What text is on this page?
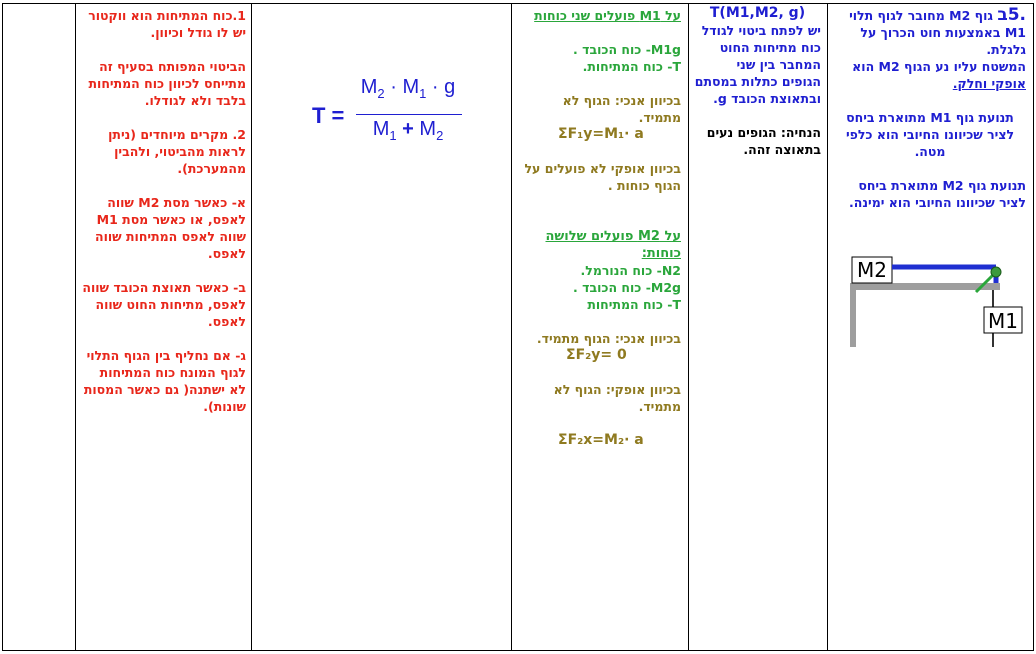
.5ב גוף M2 מחובר לגוף תלוי M1 באמצעות חוט הכרוך על גלגלת.

המשטח עליו נע הגוף M2 הוא אופקי וחלק.

תנועת גוף M1 מתוארת ביחס לציר שכיוונו החיובי הוא כלפי מטה.

תנועת גוף M2 מתוארת ביחס לציר שכיוונו החיובי הוא ימינה.

M2
M1

T(M1,M2, g)

יש לפתח ביטוי לגודל כוח מתיחות החוט המחבר בין שני הגופים כתלות במסתם ובתאוצת הכובד g.

הנחיה: הגופים נעים בתאוצה זהה.

על M1 פועלים שני כוחות

M1g- כוח הכובד .

T- כוח המתיחות.

בכיוון אנכי: הגוף לא מתמיד.

ΣF₁y=M₁· a

בכיוון אופקי לא פועלים על הגוף כוחות .

על M2 פועלים שלושה כוחות:

N2- כוח הנורמל.

M2g- כוח הכובד .

T- כוח המתיחות

בכיוון אנכי: הגוף מתמיד.

ΣF₂y= 0

בכיוון אופקי: הגוף לא מתמיד.

ΣF₂x=M₂· a

T =
$M_2 \cdot M_1 \cdot g$
$M_1 + M_2$

1.כוח המתיחות הוא ווקטור יש לו גודל וכיוון.

הביטוי המפותח בסעיף זה מתייחס לכיוון כוח המתיחות בלבד ולא לגודלו.

2. מקרים מיוחדים (ניתן לראות מהביטוי, ולהבין מהמערכת).

א- כאשר מסת M2 שווה לאפס, או כאשר מסת M1 שווה לאפס המתיחות שווה לאפס.

ב- כאשר תאוצת הכובד שווה לאפס, מתיחות החוט שווה לאפס.

ג- אם נחליף בין הגוף התלוי לגוף המונח כוח המתיחות לא ישתנה( גם כאשר המסות שונות).
